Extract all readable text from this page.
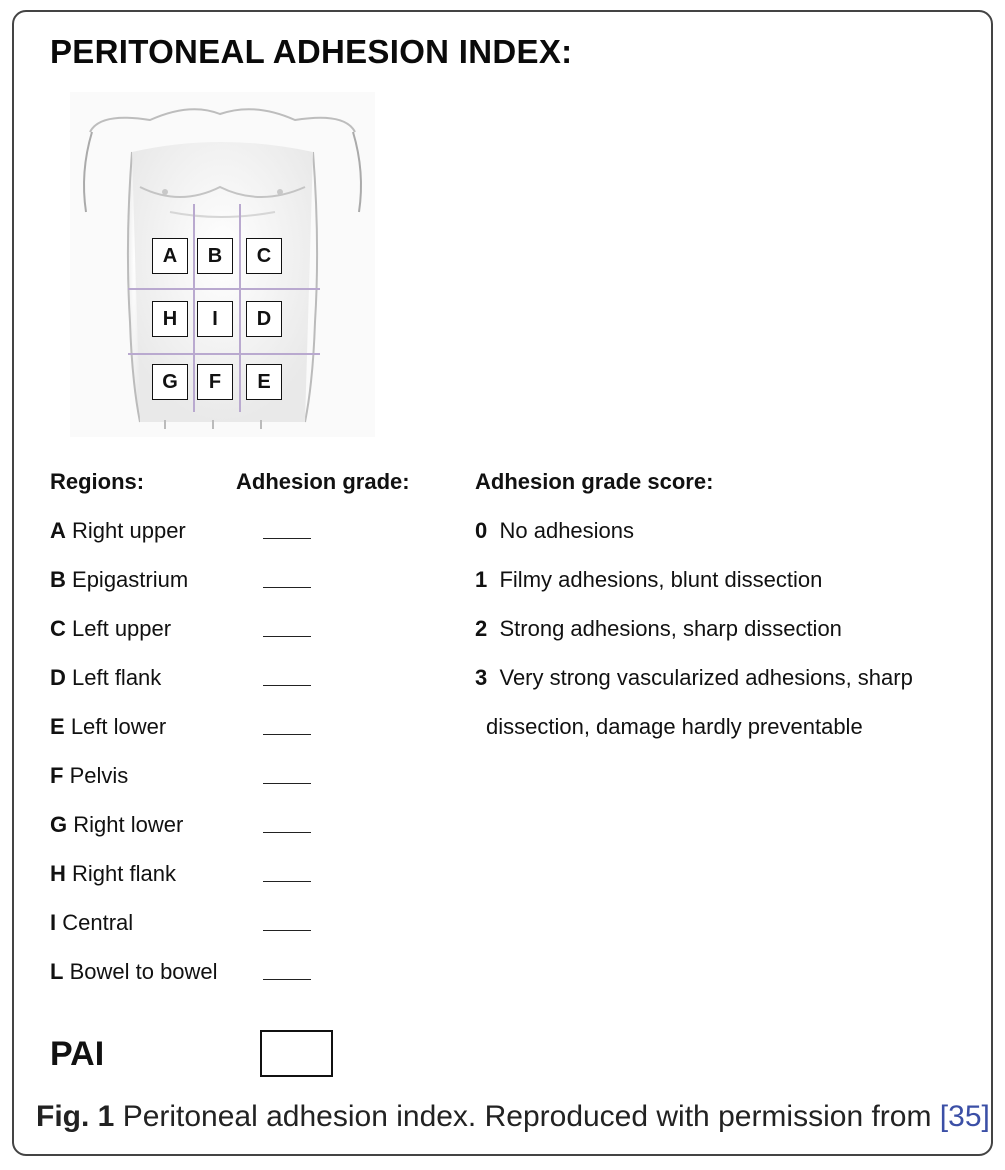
PERITONEAL ADHESION INDEX:
A	B	C
H	I	D
G	F	E
Regions:	Adhesion grade:	Adhesion grade score:
A Right upper
B Epigastrium
C Left upper
D Left flank
E Left lower
F Pelvis
G Right lower
H Right flank
I Central
L Bowel to bowel
0 No adhesions
1 Filmy adhesions, blunt dissection
2 Strong adhesions, sharp dissection
3 Very strong vascularized adhesions, sharp
dissection, damage hardly preventable
PAI
Fig. 1 Peritoneal adhesion index. Reproduced with permission from [35]
